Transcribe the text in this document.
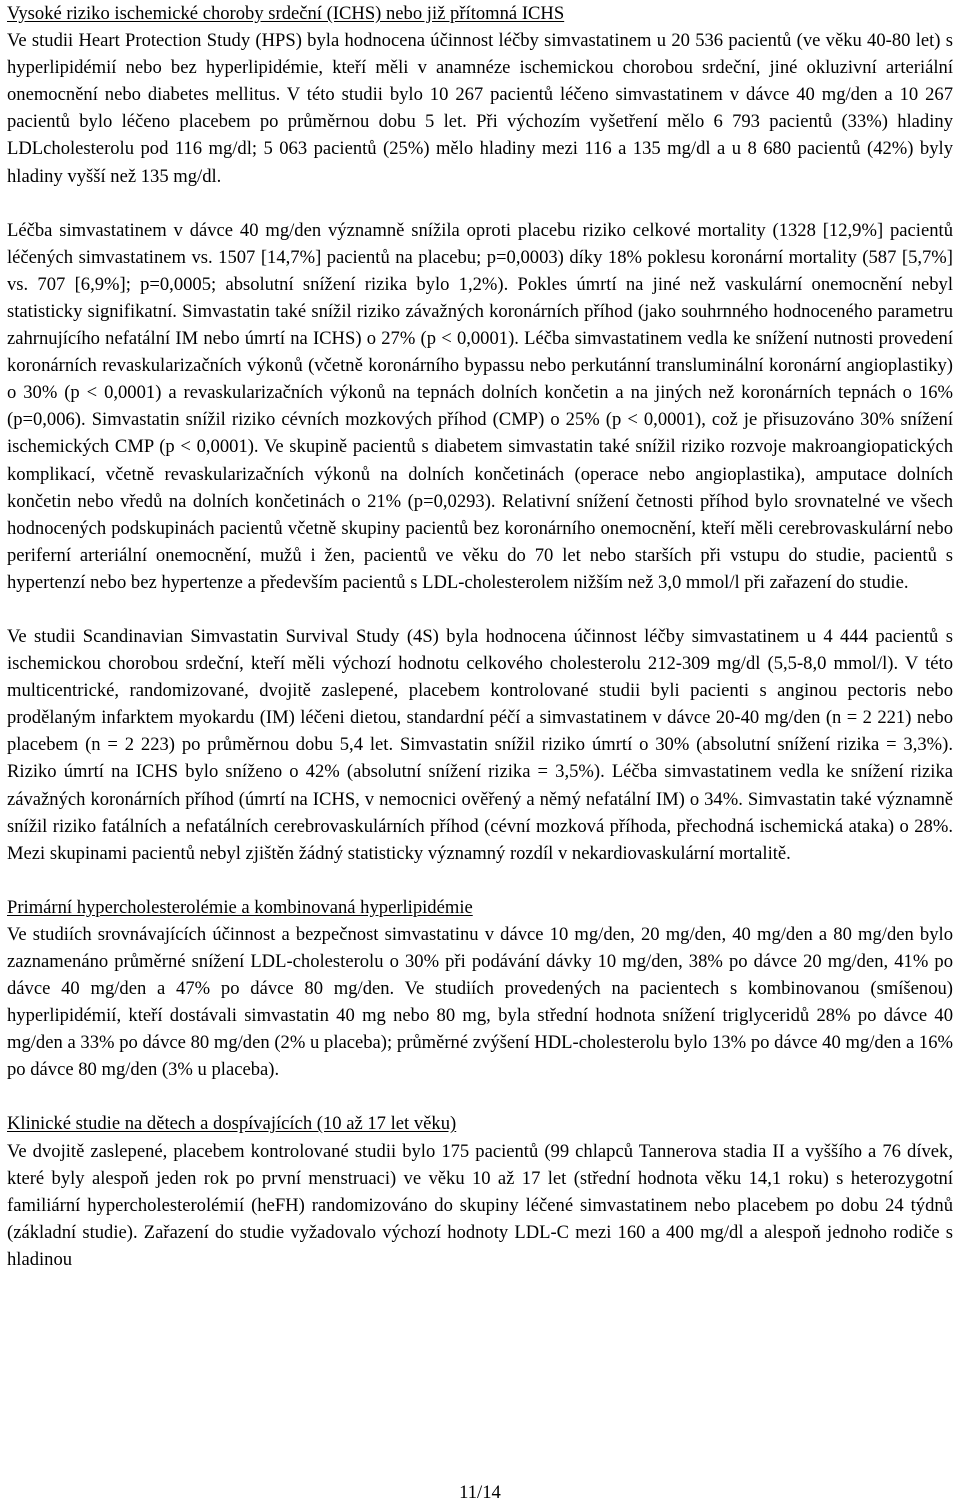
Vysoké riziko ischemické choroby srdeční (ICHS) nebo již přítomná ICHS

Ve studii Heart Protection Study (HPS) byla hodnocena účinnost léčby simvastatinem u 20 536 pacientů (ve věku 40-80 let) s hyperlipidémií nebo bez hyperlipidémie, kteří měli v anamnéze ischemickou chorobou srdeční, jiné okluzivní arteriální onemocnění nebo diabetes mellitus. V této studii bylo 10 267 pacientů léčeno simvastatinem v dávce 40 mg/den a 10 267 pacientů bylo léčeno placebem po průměrnou dobu 5 let. Při výchozím vyšetření mělo 6 793 pacientů (33%) hladiny LDLcholesterolu pod 116 mg/dl; 5 063 pacientů (25%) mělo hladiny mezi 116 a 135 mg/dl a u 8 680 pacientů (42%) byly hladiny vyšší než 135 mg/dl.

Léčba simvastatinem v dávce 40 mg/den významně snížila oproti placebu riziko celkové mortality (1328 [12,9%] pacientů léčených simvastatinem vs. 1507 [14,7%] pacientů na placebu; p=0,0003) díky 18% poklesu koronární mortality (587 [5,7%] vs. 707 [6,9%]; p=0,0005; absolutní snížení rizika bylo 1,2%). Pokles úmrtí na jiné než vaskulární onemocnění nebyl statisticky signifikatní. Simvastatin také snížil riziko závažných koronárních příhod (jako souhrnného hodnoceného parametru zahrnujícího nefatální IM nebo úmrtí na ICHS) o 27% (p < 0,0001). Léčba simvastatinem vedla ke snížení nutnosti provedení koronárních revaskularizačních výkonů (včetně koronárního bypassu nebo perkutánní transluminální koronární angioplastiky) o 30% (p < 0,0001) a revaskularizačních výkonů na tepnách dolních končetin a na jiných než koronárních tepnách o 16% (p=0,006). Simvastatin snížil riziko cévních mozkových příhod (CMP) o 25% (p < 0,0001), což je přisuzováno 30% snížení ischemických CMP (p < 0,0001). Ve skupině pacientů s diabetem simvastatin také snížil riziko rozvoje makroangiopatických komplikací, včetně revaskularizačních výkonů na dolních končetinách (operace nebo angioplastika), amputace dolních končetin nebo vředů na dolních končetinách o 21% (p=0,0293). Relativní snížení četnosti příhod bylo srovnatelné ve všech hodnocených podskupinách pacientů včetně skupiny pacientů bez koronárního onemocnění, kteří měli cerebrovaskulární nebo periferní arteriální onemocnění, mužů i žen, pacientů ve věku do 70 let nebo starších při vstupu do studie, pacientů s hypertenzí nebo bez hypertenze a především pacientů s LDL-cholesterolem nižším než 3,0 mmol/l při zařazení do studie.

Ve studii Scandinavian Simvastatin Survival Study (4S) byla hodnocena účinnost léčby simvastatinem u 4 444 pacientů s ischemickou chorobou srdeční, kteří měli výchozí hodnotu celkového cholesterolu 212-309 mg/dl (5,5-8,0 mmol/l). V této multicentrické, randomizované, dvojitě zaslepené, placebem kontrolované studii byli pacienti s anginou pectoris nebo prodělaným infarktem myokardu (IM) léčeni dietou, standardní péčí a simvastatinem v dávce 20-40 mg/den (n = 2 221) nebo placebem (n = 2 223) po průměrnou dobu 5,4 let. Simvastatin snížil riziko úmrtí o 30% (absolutní snížení rizika = 3,3%). Riziko úmrtí na ICHS bylo sníženo o 42% (absolutní snížení rizika = 3,5%). Léčba simvastatinem vedla ke snížení rizika závažných koronárních příhod (úmrtí na ICHS, v nemocnici ověřený a němý nefatální IM) o 34%. Simvastatin také významně snížil riziko fatálních a nefatálních cerebrovaskulárních příhod (cévní mozková příhoda, přechodná ischemická ataka) o 28%. Mezi skupinami pacientů nebyl zjištěn žádný statisticky významný rozdíl v nekardiovaskulární mortalitě.

Primární hypercholesterolémie a kombinovaná hyperlipidémie

Ve studiích srovnávajících účinnost a bezpečnost simvastatinu v dávce 10 mg/den, 20 mg/den, 40 mg/den a 80 mg/den bylo zaznamenáno průměrné snížení LDL-cholesterolu o 30% při podávání dávky 10 mg/den, 38% po dávce 20 mg/den, 41% po dávce 40 mg/den a 47% po dávce 80 mg/den. Ve studiích provedených na pacientech s kombinovanou (smíšenou) hyperlipidémií, kteří dostávali simvastatin 40 mg nebo 80 mg, byla střední hodnota snížení triglyceridů 28% po dávce 40 mg/den a 33% po dávce 80 mg/den (2% u placeba); průměrné zvýšení HDL-cholesterolu bylo 13% po dávce 40 mg/den a 16% po dávce 80 mg/den (3% u placeba).

Klinické studie na dětech a dospívajících (10 až 17 let věku)

Ve dvojitě zaslepené, placebem kontrolované studii bylo 175 pacientů (99 chlapců Tannerova stadia II a vyššího a 76 dívek, které byly alespoň jeden rok po první menstruaci) ve věku 10 až 17 let (střední hodnota věku 14,1 roku) s heterozygotní familiární hypercholesterolémií (heFH) randomizováno do skupiny léčené simvastatinem nebo placebem po dobu 24 týdnů (základní studie). Zařazení do studie vyžadovalo výchozí hodnoty LDL-C mezi 160 a 400 mg/dl a alespoň jednoho rodiče s hladinou

11/14
